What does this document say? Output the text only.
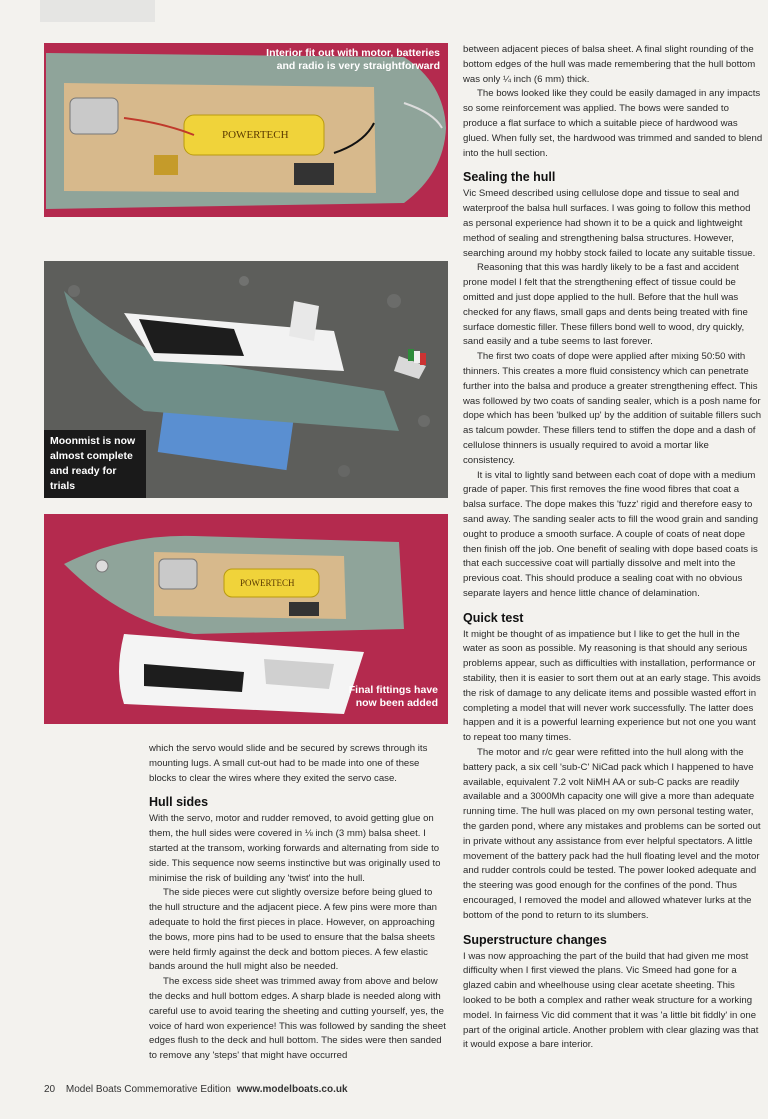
POWERTECH
Interior fit out with motor, batteries and radio is very straightforward
Moonmist is now almost complete and ready for trials
POWERTECH
Final fittings have now been added

which the servo would slide and be secured by screws through its mounting lugs. A small cut-out had to be made into one of these blocks to clear the wires where they exited the servo case.

Hull sides

With the servo, motor and rudder removed, to avoid getting glue on them, the hull sides were covered in ⅛ inch (3 mm) balsa sheet. I started at the transom, working forwards and alternating from side to side. This sequence now seems instinctive but was originally used to minimise the risk of building any 'twist' into the hull.

The side pieces were cut slightly oversize before being glued to the hull structure and the adjacent piece. A few pins were more than adequate to hold the first pieces in place. However, on approaching the bows, more pins had to be used to ensure that the balsa sheets were held firmly against the deck and bottom pieces. A few elastic bands around the hull might also be needed.

The excess side sheet was trimmed away from above and below the decks and hull bottom edges. A sharp blade is needed along with careful use to avoid tearing the sheeting and cutting yourself, yes, the voice of hard won experience! This was followed by sanding the sheet edges flush to the deck and hull bottom. The sides were then sanded to remove any 'steps' that might have occurred

between adjacent pieces of balsa sheet. A final slight rounding of the bottom edges of the hull was made remembering that the hull bottom was only ¼ inch (6 mm) thick.

The bows looked like they could be easily damaged in any impacts so some reinforcement was applied. The bows were sanded to produce a flat surface to which a suitable piece of hardwood was glued. When fully set, the hardwood was trimmed and sanded to blend into the hull section.

Sealing the hull

Vic Smeed described using cellulose dope and tissue to seal and waterproof the balsa hull surfaces. I was going to follow this method as personal experience had shown it to be a quick and lightweight method of sealing and strengthening balsa structures. However, searching around my hobby stock failed to locate any suitable tissue.

Reasoning that this was hardly likely to be a fast and accident prone model I felt that the strengthening effect of tissue could be omitted and just dope applied to the hull. Before that the hull was checked for any flaws, small gaps and dents being treated with fine surface domestic filler. These fillers bond well to wood, dry quickly, sand easily and a tube seems to last forever.

The first two coats of dope were applied after mixing 50:50 with thinners. This creates a more fluid consistency which can penetrate further into the balsa and produce a greater strengthening effect. This was followed by two coats of sanding sealer, which is a posh name for dope which has been 'bulked up' by the addition of suitable fillers such as talcum powder. These fillers tend to stiffen the dope and a dash of cellulose thinners is usually required to avoid a mortar like consistency.

It is vital to lightly sand between each coat of dope with a medium grade of paper. This first removes the fine wood fibres that coat a balsa surface. The dope makes this 'fuzz' rigid and therefore easy to sand away. The sanding sealer acts to fill the wood grain and sanding ought to produce a smooth surface. A couple of coats of neat dope then finish off the job. One benefit of sealing with dope based coats is that each successive coat will partially dissolve and melt into the previous coat. This should produce a sealing coat with no obvious separate layers and hence little chance of delamination.

Quick test

It might be thought of as impatience but I like to get the hull in the water as soon as possible. My reasoning is that should any serious problems appear, such as difficulties with installation, performance or stability, then it is easier to sort them out at an early stage. This avoids the risk of damage to any delicate items and possible wasted effort in completing a model that will never work successfully. The latter does happen and it is a powerful learning experience but not one you want to repeat too many times.

The motor and r/c gear were refitted into the hull along with the battery pack, a six cell 'sub-C' NiCad pack which I happened to have available, equivalent 7.2 volt NiMH AA or sub-C packs are readily available and a 3000Mh capacity one will give a more than adequate running time. The hull was placed on my own personal testing water, the garden pond, where any mistakes and problems can be sorted out in private without any assistance from ever helpful spectators. A little movement of the battery pack had the hull floating level and the motor and rudder controls could be tested. The power looked adequate and the steering was good enough for the confines of the pond. Thus encouraged, I removed the model and allowed whatever lurks at the bottom of the pond to return to its slumbers.

Superstructure changes

I was now approaching the part of the build that had given me most difficulty when I first viewed the plans. Vic Smeed had gone for a glazed cabin and wheelhouse using clear acetate sheeting. This looked to be both a complex and rather weak structure for a working model. In fairness Vic did comment that it was 'a little bit fiddly' in one part of the original article. Another problem with clear glazing was that it would expose a bare interior.

20 Model Boats Commemorative Edition www.modelboats.co.uk
